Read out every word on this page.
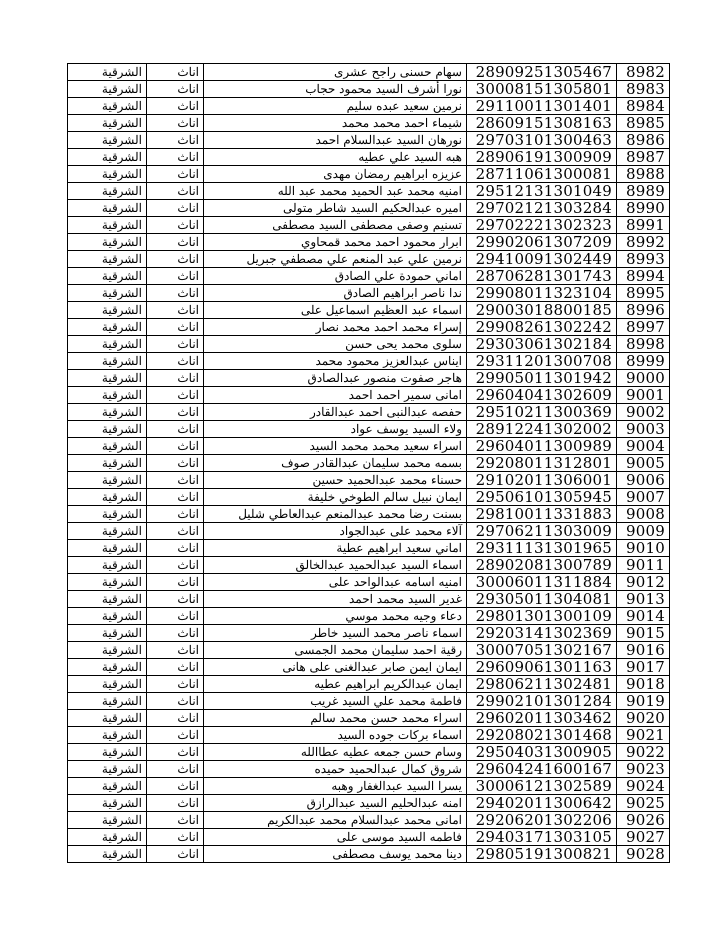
الشرقية	اناث	سهام حسنى راجح عشرى	28909251305467	8982
الشرقية	اناث	نورا أشرف السيد محمود حجاب	30008151305801	8983
الشرقية	اناث	نرمين سعيد عبده سليم	29110011301401	8984
الشرقية	اناث	شيماء احمد محمد محمد	28609151308163	8985
الشرقية	اناث	نورهان السيد عبدالسلام احمد	29703101300463	8986
الشرقية	اناث	هبه السيد علي عطيه	28906191300909	8987
الشرقية	اناث	عزيزه ابراهيم رمضان مهدى	28711061300081	8988
الشرقية	اناث	امنيه محمد عبد الحميد محمد عبد الله	29512131301049	8989
الشرقية	اناث	اميره عبدالحكيم السيد شاطر متولى	29702121303284	8990
الشرقية	اناث	تسنيم وصفى مصطفى السيد مصطفى	29702221302323	8991
الشرقية	اناث	ابرار محمود احمد محمد قمحاوي	29902061307209	8992
الشرقية	اناث	نرمين علي عبد المنعم علي مصطفي جبريل	29410091302449	8993
الشرقية	اناث	اماني حمودة علي الصادق	28706281301743	8994
الشرقية	اناث	ندا ناصر ابراهيم الصادق	29908011323104	8995
الشرقية	اناث	اسماء عبد العظيم اسماعيل على	29003018800185	8996
الشرقية	اناث	إسراء محمد احمد محمد نصار	29908261302242	8997
الشرقية	اناث	سلوى محمد يحى حسن	29303061302184	8998
الشرقية	اناث	ايناس عبدالعزيز محمود محمد	29311201300708	8999
الشرقية	اناث	هاجر صفوت منصور عبدالصادق	29905011301942	9000
الشرقية	اناث	امانى سمير احمد احمد	29604041302609	9001
الشرقية	اناث	حفصه عبدالنبى احمد عبدالقادر	29510211300369	9002
الشرقية	اناث	ولاء السيد يوسف عواد	28912241302002	9003
الشرقية	اناث	اسراء سعيد محمد محمد السيد	29604011300989	9004
الشرقية	اناث	بسمه محمد سليمان عبدالقادر صوف	29208011312801	9005
الشرقية	اناث	حسناء محمد عبدالحميد حسين	29102011306001	9006
الشرقية	اناث	ايمان نبيل سالم الطوخي خليفة	29506101305945	9007
الشرقية	اناث	بسنت رضا محمد عبدالمنعم عبدالعاطي شليل	29810011331883	9008
الشرقية	اناث	آلاء محمد على عبدالجواد	29706211303009	9009
الشرقية	اناث	اماني سعيد ابراهيم عطية	29311131301965	9010
الشرقية	اناث	اسماء السيد عبدالحميد عبدالخالق	28902081300789	9011
الشرقية	اناث	امنيه اسامه عبدالواحد على	30006011311884	9012
الشرقية	اناث	غدير السيد محمد احمد	29305011304081	9013
الشرقية	اناث	دعاء وجيه محمد موسي	29801301300109	9014
الشرقية	اناث	اسماء ناصر محمد السيد خاطر	29203141302369	9015
الشرقية	اناث	رقية احمد سليمان محمد الجمسى	30007051302167	9016
الشرقية	اناث	ايمان ايمن صابر عبدالغنى على هانى	29609061301163	9017
الشرقية	اناث	ايمان عبدالكريم ابراهيم عطيه	29806211302481	9018
الشرقية	اناث	فاطمة محمد علي السيد غريب	29902101301284	9019
الشرقية	اناث	اسراء محمد حسن محمد سالم	29602011303462	9020
الشرقية	اناث	اسماء بركات جوده السيد	29208021301468	9021
الشرقية	اناث	وسام حسن جمعه عطيه عطاالله	29504031300905	9022
الشرقية	اناث	شروق كمال عبدالحميد حميده	29604241600167	9023
الشرقية	اناث	يسرا السيد عبدالغفار وهبه	30006121302589	9024
الشرقية	اناث	امنه عبدالحليم السيد عبدالرازق	29402011300642	9025
الشرقية	اناث	امانى محمد عبدالسلام محمد عبدالكريم	29206201302206	9026
الشرقية	اناث	فاطمه السيد موسى على	29403171303105	9027
الشرقية	اناث	دينا محمد يوسف مصطفى	29805191300821	9028
